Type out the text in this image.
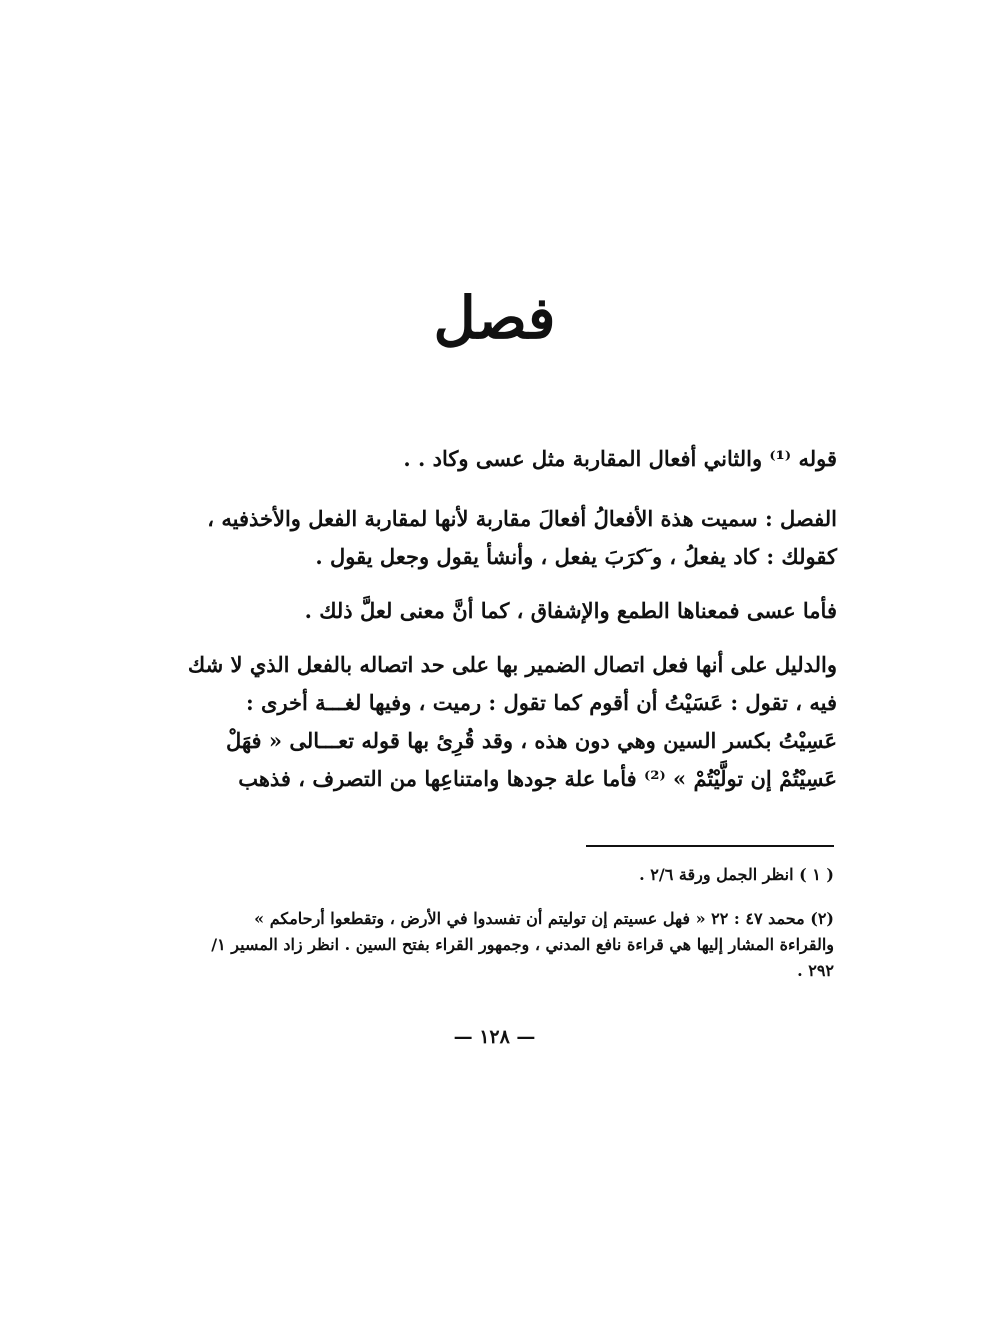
فصل
قوله ⁽¹⁾ والثاني أفعال المقاربة مثل عسى وكاد . .
الفصل : سميت هذة الأفعالُ أفعالَ مقاربة لأنها لمقاربة الفعل والأخذفيه ،
كقولك : كاد يفعلُ ، و َكرَبَ يفعل ، وأنشأ يقول وجعل يقول .
فأما عسى فمعناها الطمع والإشفاق ، كما أنَّ معنى لعلَّ ذلك .
والدليل على أنها فعل اتصال الضمير بها على حد اتصاله بالفعل الذي لا شك
فيه ، تقول : عَسَيْتُ أن أقوم كما تقول : رميت ، وفيها لغـــة أخرى :
عَسِيْتُ بكسر السين وهي دون هذه ، وقد قُرِئ بها قوله تعـــالى « فهَلْ
عَسِيْتُمْ إن تولَّيْتُمْ » ⁽²⁾ فأما علة جودها وامتناعِها من التصرف ، فذهب
( ١ ) انظر الجمل ورقة ٢/٦ .
(٢) محمد ٤٧ : ٢٢ « فهل عسيتم إن توليتم أن تفسدوا في الأرض ، وتقطعوا أرحامكم »
والقراءة المشار إليها هي قراءة نافع المدني ، وجمهور القراء بفتح السين . انظر زاد المسير ١/
٢٩٢ .
— ١٢٨ —
